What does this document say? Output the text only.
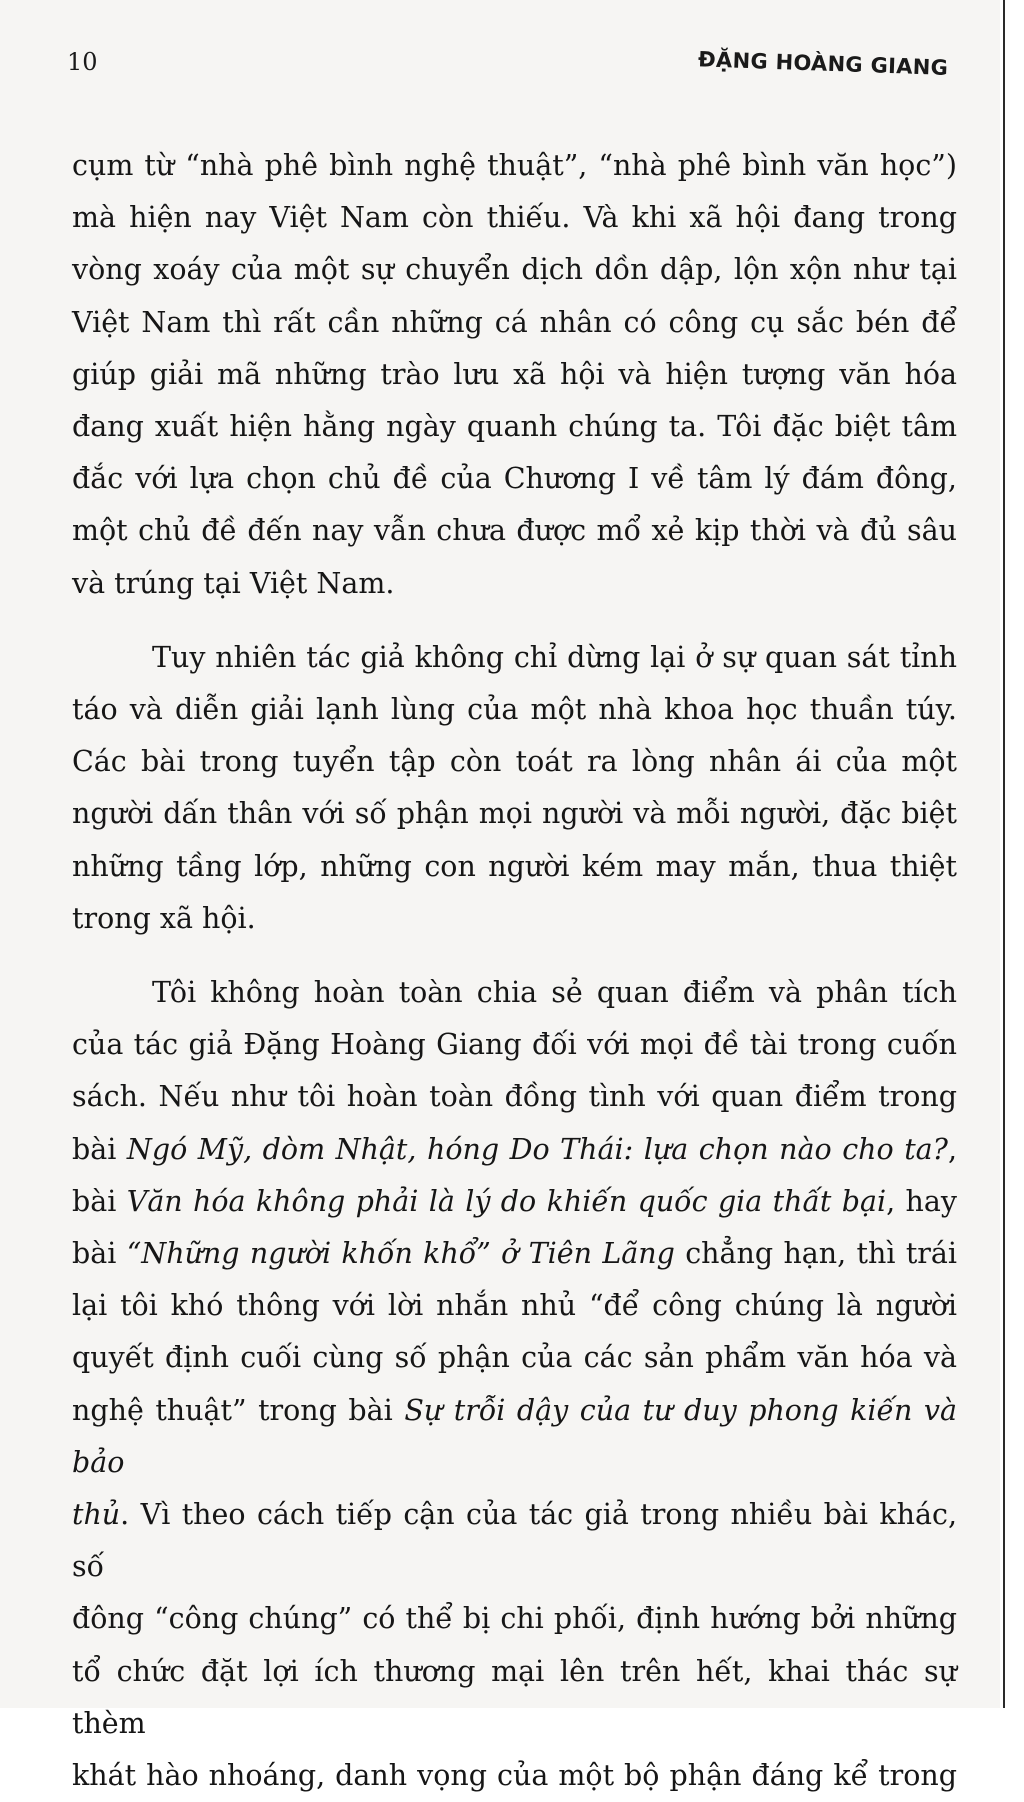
10	ĐẶNG HOÀNG GIANG

cụm từ “nhà phê bình nghệ thuật”, “nhà phê bình văn học”)

mà hiện nay Việt Nam còn thiếu. Và khi xã hội đang trong

vòng xoáy của một sự chuyển dịch dồn dập, lộn xộn như tại

Việt Nam thì rất cần những cá nhân có công cụ sắc bén để

giúp giải mã những trào lưu xã hội và hiện tượng văn hóa

đang xuất hiện hằng ngày quanh chúng ta. Tôi đặc biệt tâm

đắc với lựa chọn chủ đề của Chương I về tâm lý đám đông,

một chủ đề đến nay vẫn chưa được mổ xẻ kịp thời và đủ sâu

và trúng tại Việt Nam.

Tuy nhiên tác giả không chỉ dừng lại ở sự quan sát tỉnh

táo và diễn giải lạnh lùng của một nhà khoa học thuần túy.

Các bài trong tuyển tập còn toát ra lòng nhân ái của một

người dấn thân với số phận mọi người và mỗi người, đặc biệt

những tầng lớp, những con người kém may mắn, thua thiệt

trong xã hội.

Tôi không hoàn toàn chia sẻ quan điểm và phân tích

của tác giả Đặng Hoàng Giang đối với mọi đề tài trong cuốn

sách. Nếu như tôi hoàn toàn đồng tình với quan điểm trong

bài Ngó Mỹ, dòm Nhật, hóng Do Thái: lựa chọn nào cho ta?,

bài Văn hóa không phải là lý do khiến quốc gia thất bại, hay

bài “Những người khốn khổ” ở Tiên Lãng chẳng hạn, thì trái

lại tôi khó thông với lời nhắn nhủ “để công chúng là người

quyết định cuối cùng số phận của các sản phẩm văn hóa và

nghệ thuật” trong bài Sự trỗi dậy của tư duy phong kiến và bảo

thủ. Vì theo cách tiếp cận của tác giả trong nhiều bài khác, số

đông “công chúng” có thể bị chi phối, định hướng bởi những

tổ chức đặt lợi ích thương mại lên trên hết, khai thác sự thèm

khát hào nhoáng, danh vọng của một bộ phận đáng kể trong
